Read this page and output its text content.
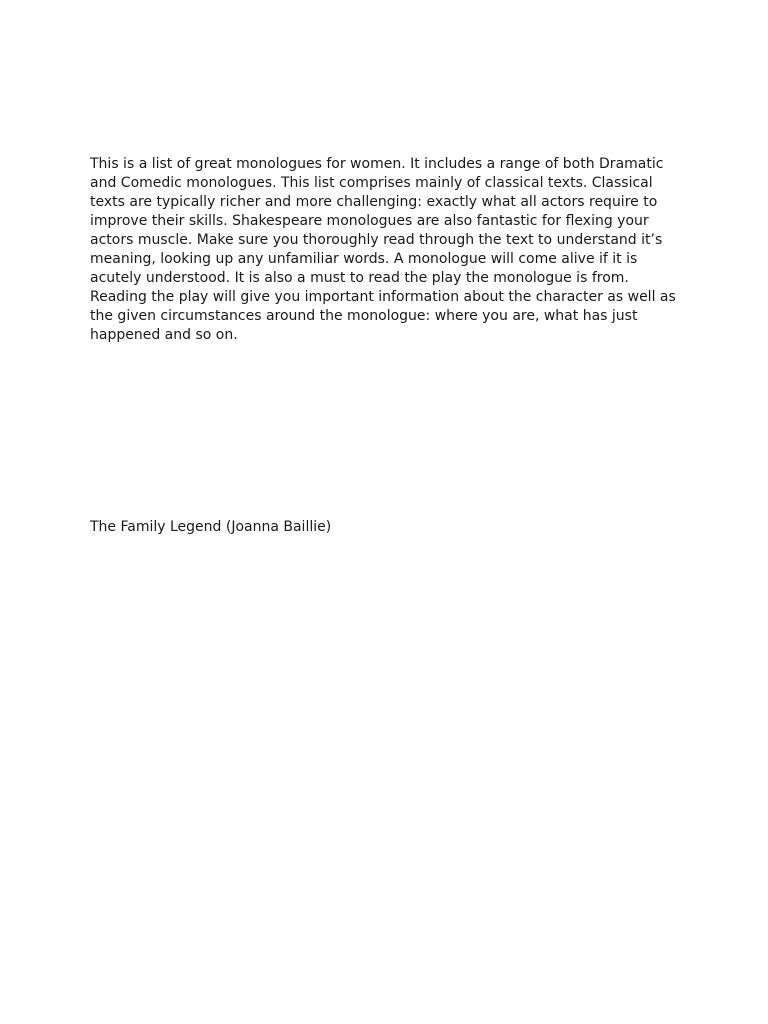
This is a list of great monologues for women. It includes a range of both Dramatic
and Comedic monologues. This list comprises mainly of classical texts. Classical
texts are typically richer and more challenging: exactly what all actors require to
improve their skills. Shakespeare monologues are also fantastic for flexing your
actors muscle. Make sure you thoroughly read through the text to understand it’s
meaning, looking up any unfamiliar words. A monologue will come alive if it is
acutely understood. It is also a must to read the play the monologue is from.
Reading the play will give you important information about the character as well as
the given circumstances around the monologue: where you are, what has just
happened and so on.

The Family Legend (Joanna Baillie)
